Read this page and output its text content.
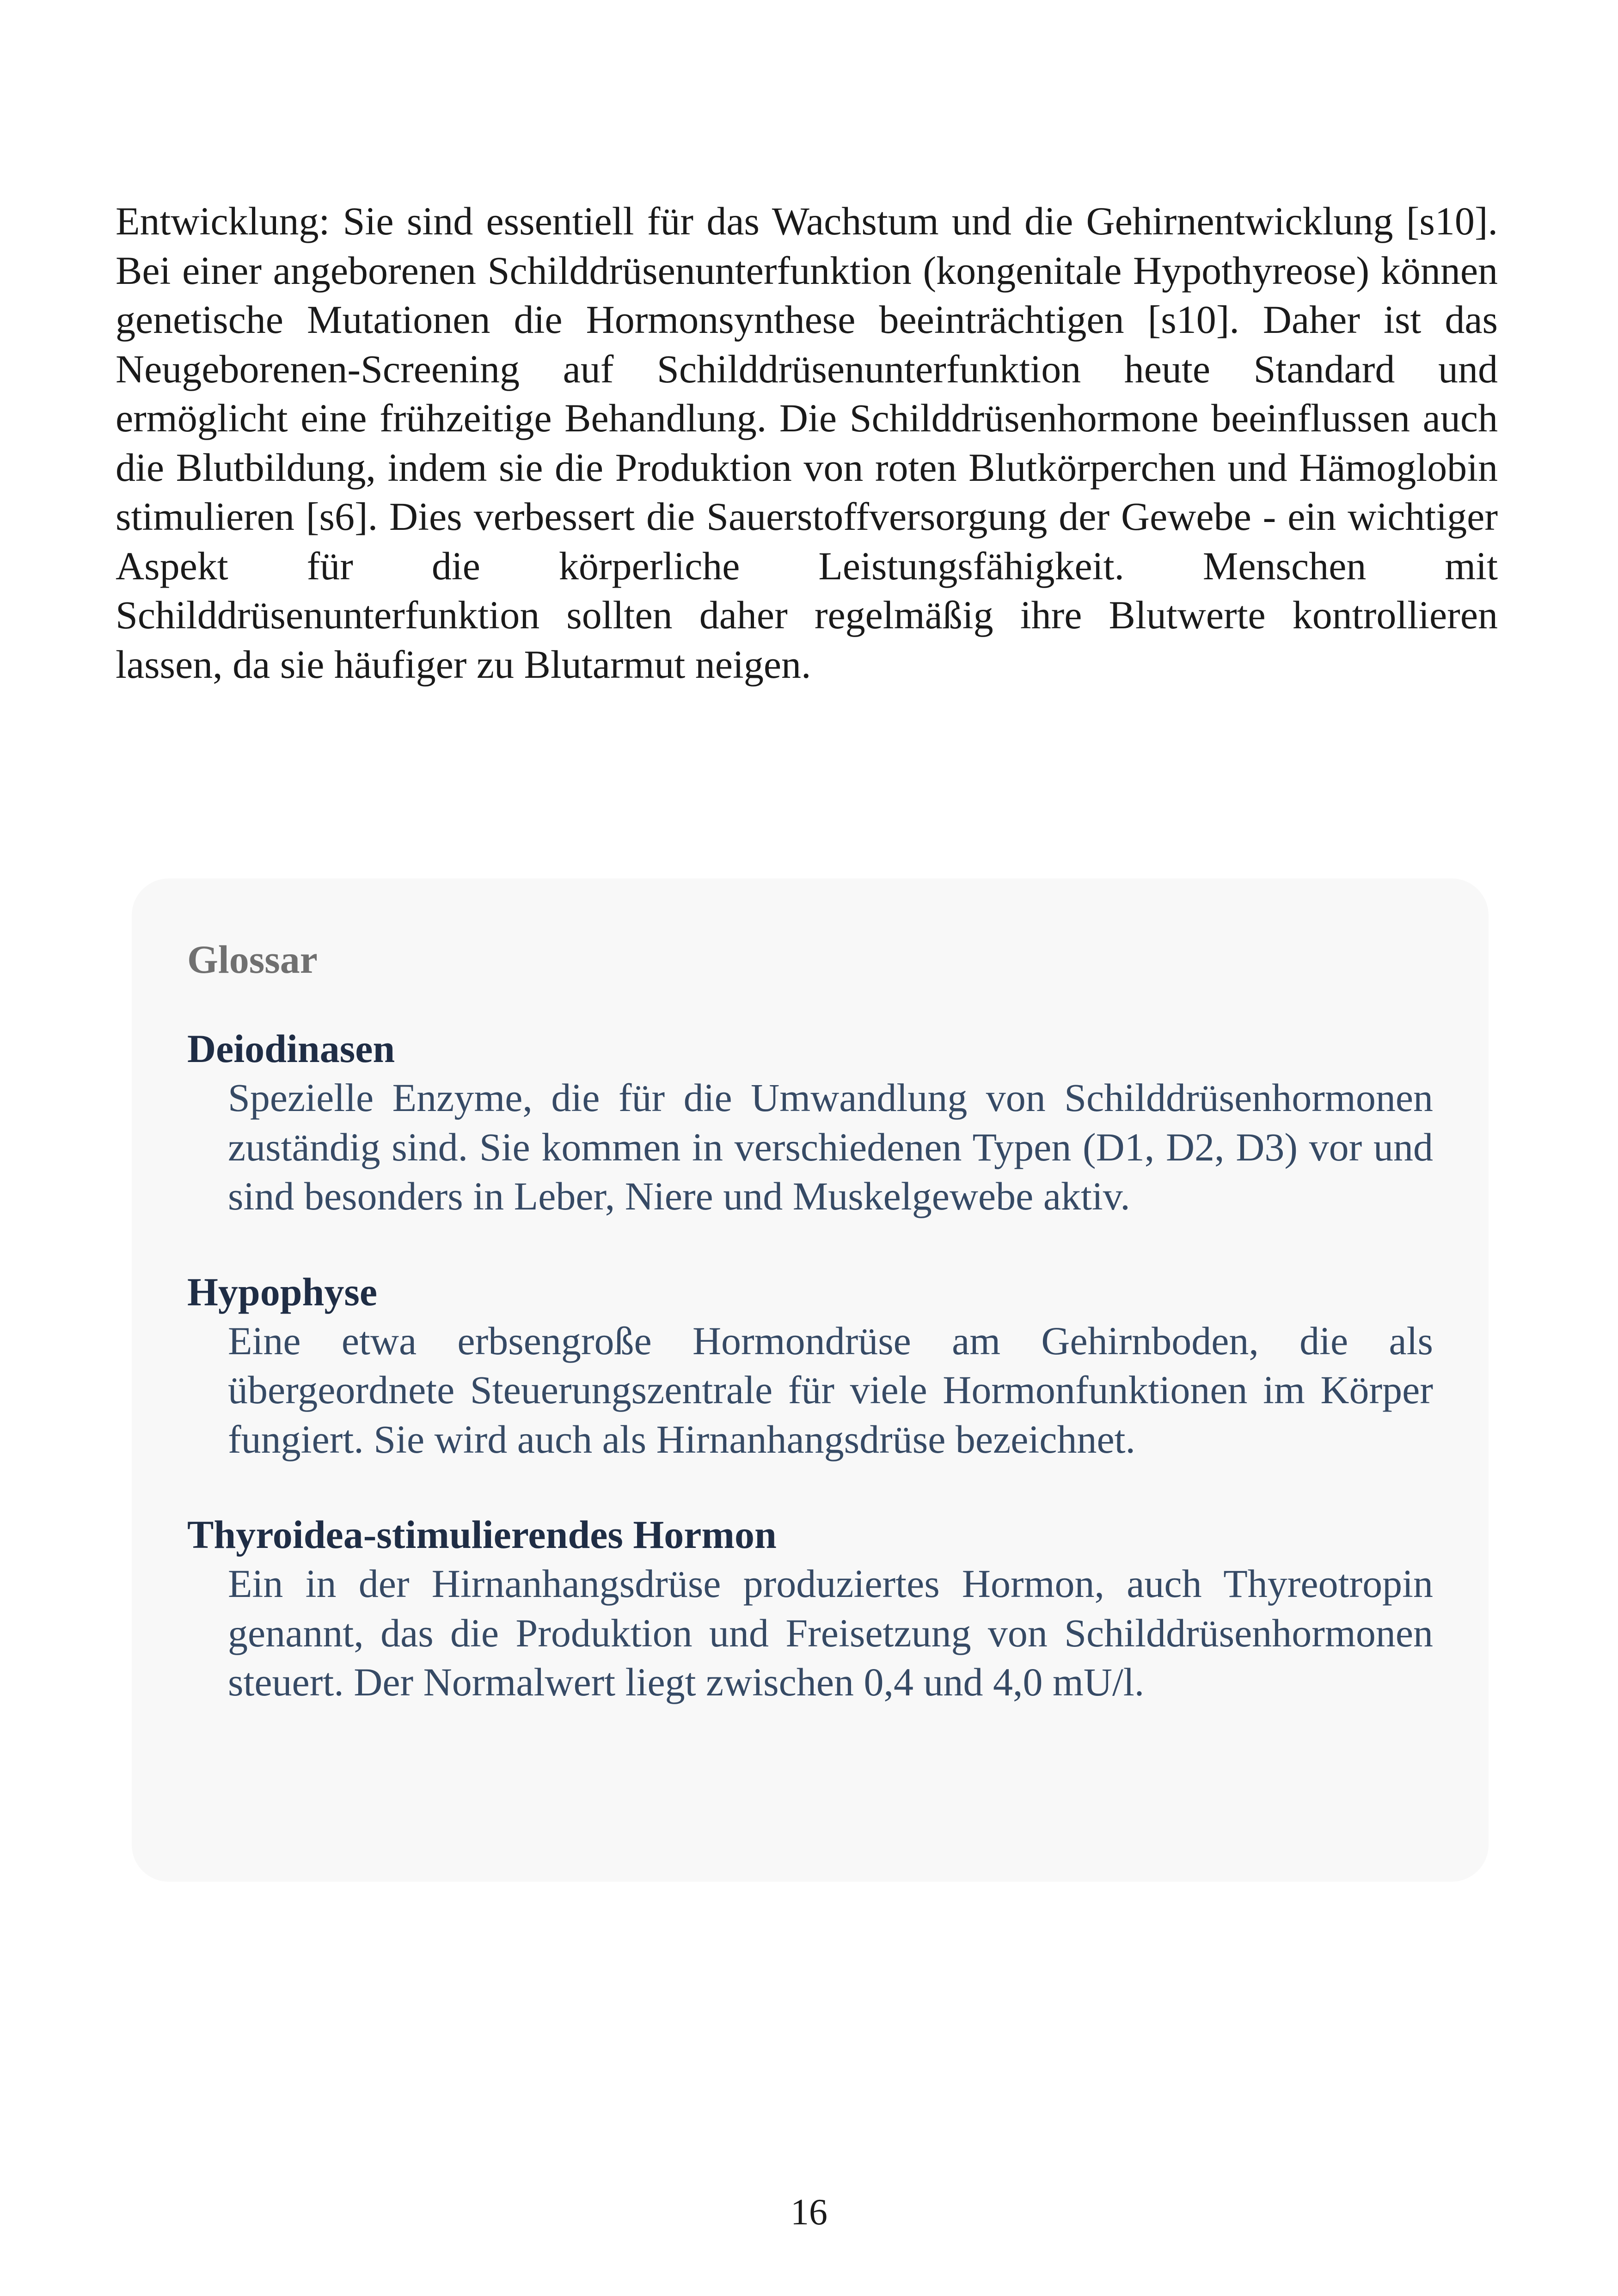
Entwicklung: Sie sind essentiell für das Wachstum und die Gehirnentwicklung [s10]. Bei einer angeborenen Schilddrüsenunterfunktion (kongenitale Hypothyreose) können genetische Mutationen die Hormonsynthese beeinträchtigen [s10]. Daher ist das Neugeborenen-Screening auf Schilddrüsenunterfunktion heute Standard und ermöglicht eine frühzeitige Behandlung. Die Schilddrüsenhormone beeinflussen auch die Blutbildung, indem sie die Produktion von roten Blutkörperchen und Hämoglobin stimulieren [s6]. Dies verbessert die Sauerstoffversorgung der Gewebe - ein wichtiger Aspekt für die körperliche Leistungsfähigkeit. Menschen mit Schilddrüsenunterfunktion sollten daher regelmäßig ihre Blutwerte kontrollieren lassen, da sie häufiger zu Blutarmut neigen.

Glossar
Deiodinasen
Spezielle Enzyme, die für die Umwandlung von Schilddrüsenhormonen zuständig sind. Sie kommen in verschiedenen Typen (D1, D2, D3) vor und sind besonders in Leber, Niere und Muskelgewebe aktiv.
Hypophyse
Eine etwa erbsengroße Hormondrüse am Gehirnboden, die als übergeordnete Steuerungszentrale für viele Hormonfunktionen im Körper fungiert. Sie wird auch als Hirnanhangsdrüse bezeichnet.
Thyroidea-stimulierendes Hormon
Ein in der Hirnanhangsdrüse produziertes Hormon, auch Thyreotropin genannt, das die Produktion und Freisetzung von Schilddrüsenhormonen steuert. Der Normalwert liegt zwischen 0,4 und 4,0 mU/l.
16
